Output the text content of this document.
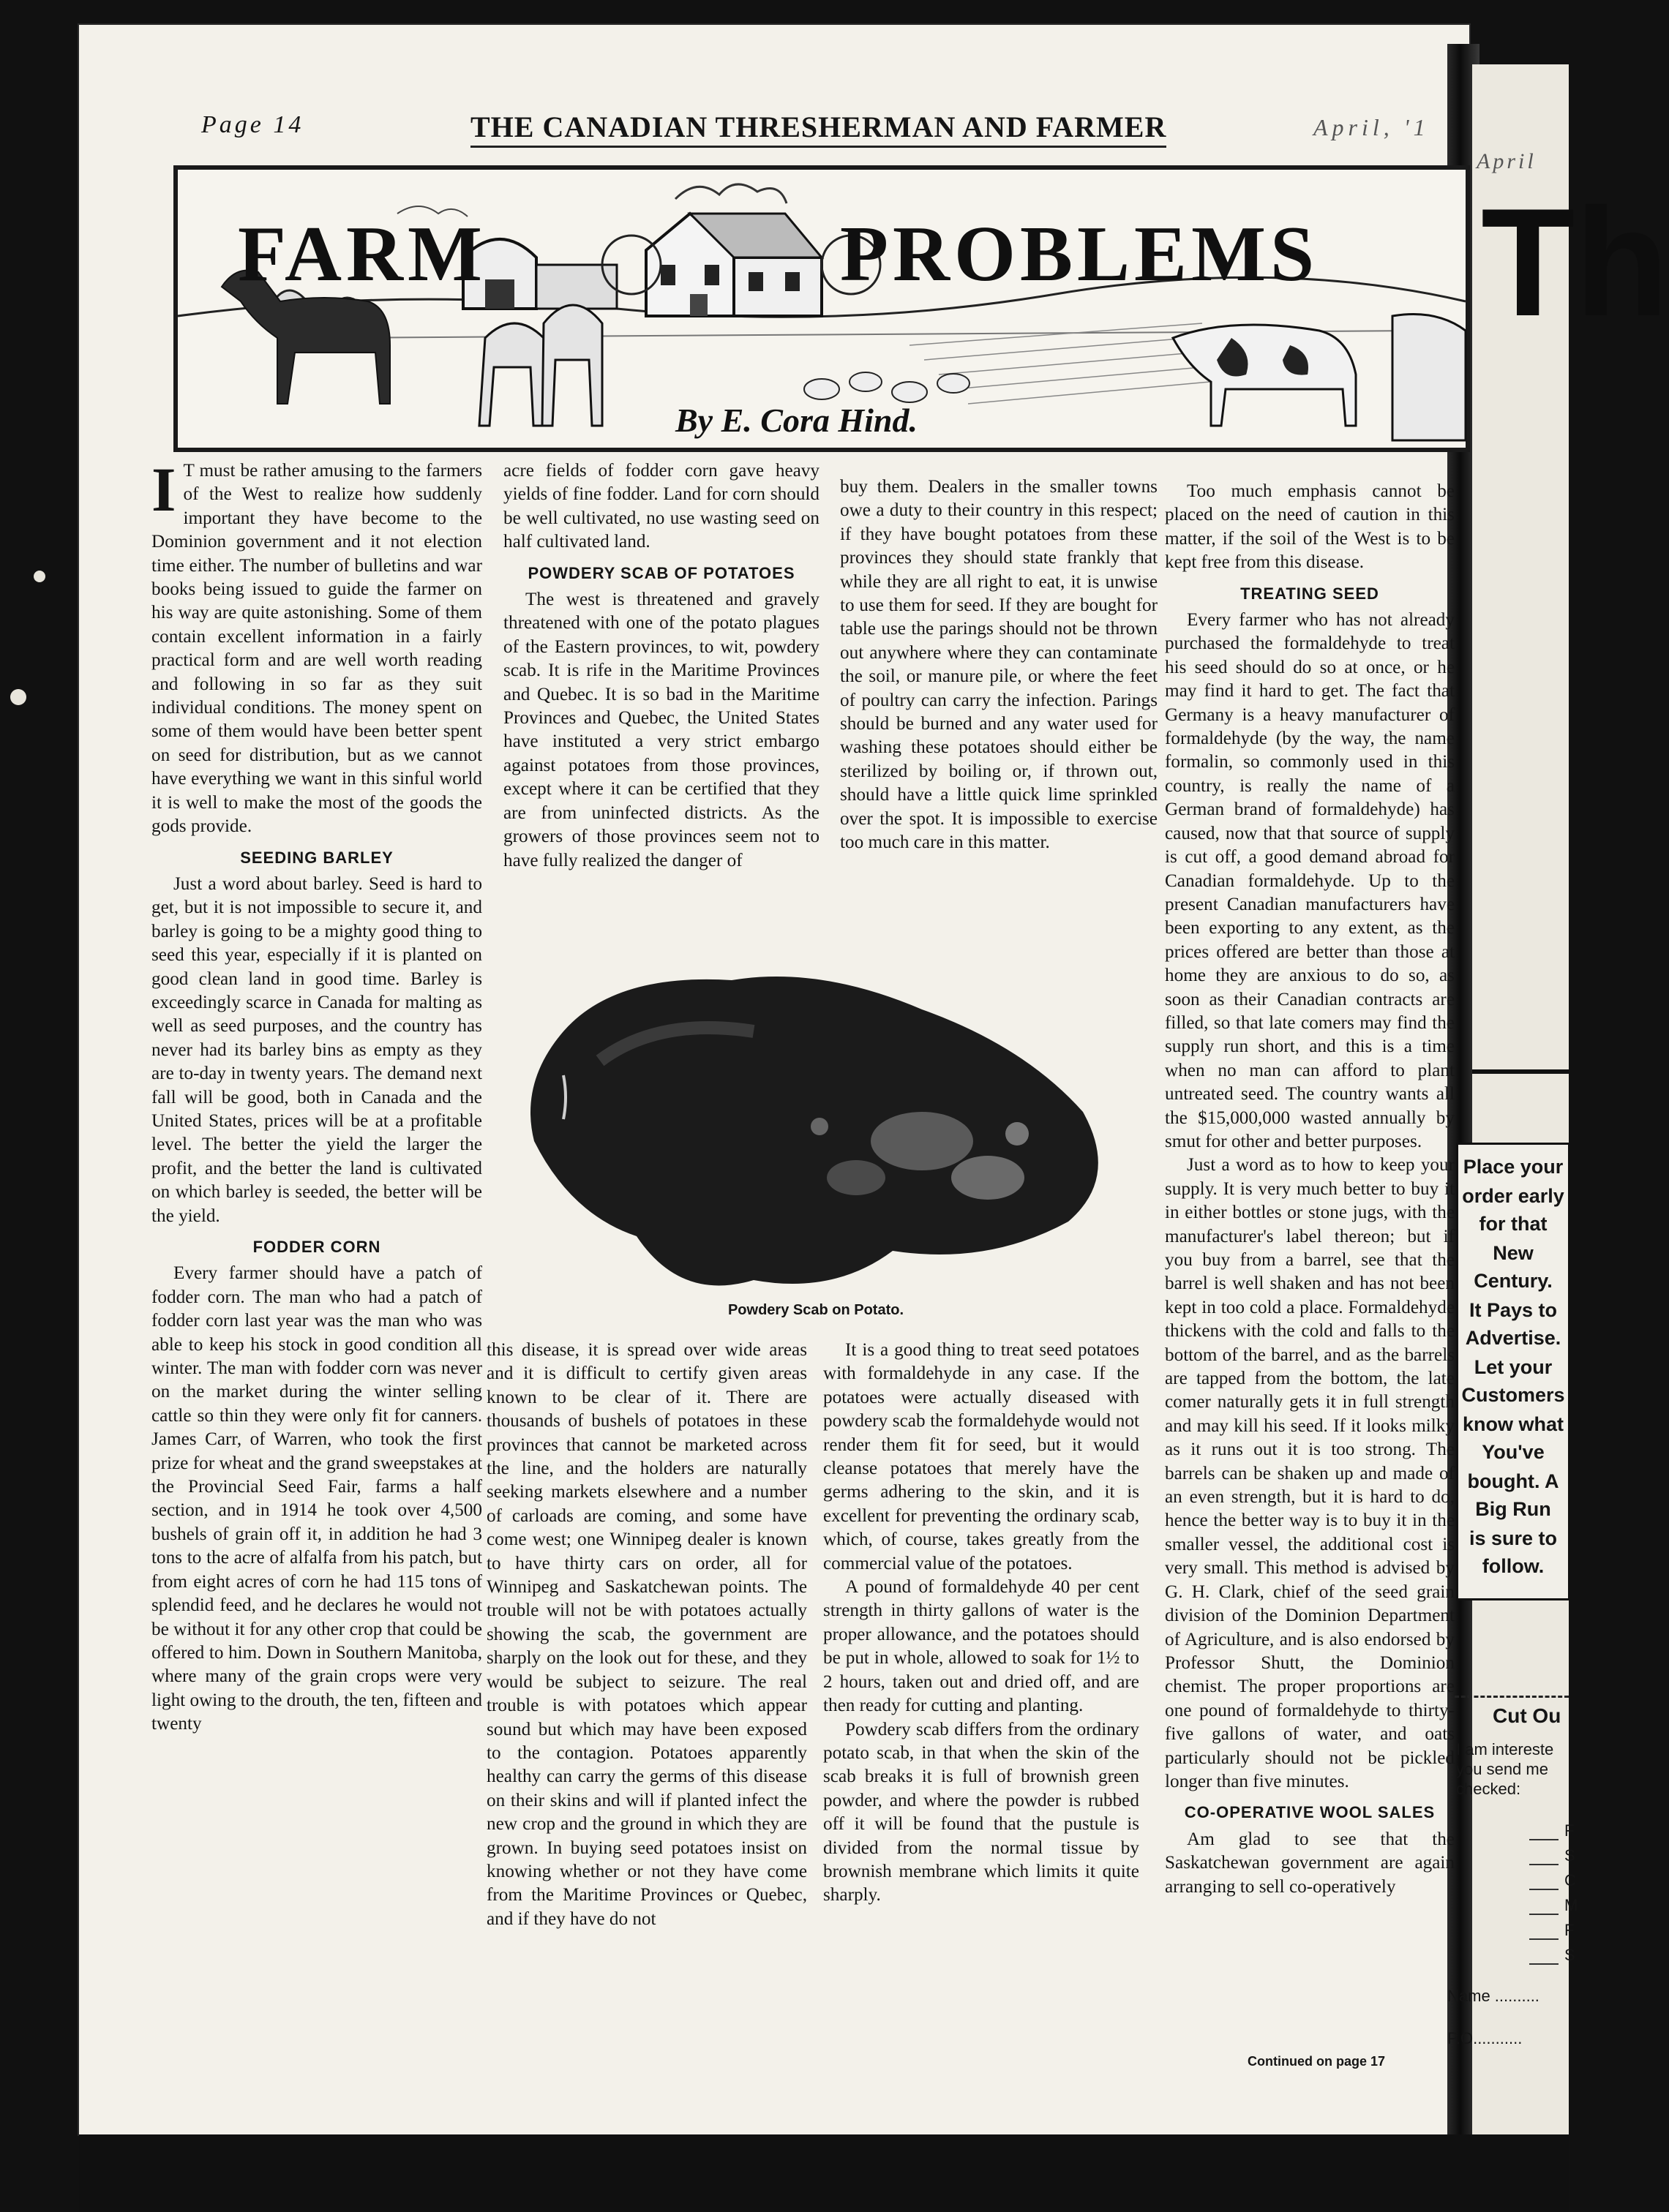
Page 14	THE CANADIAN THRESHERMAN AND FARMER	April, '1
FARM	PROBLEMS
By E. Cora Hind.
I T must be rather amusing to the farmers of the West to realize how suddenly important they have become to the Dominion government and it not election time either. The number of bulletins and war books being issued to guide the farmer on his way are quite astonishing. Some of them contain excellent information in a fairly practical form and are well worth reading and following in so far as they suit individual conditions. The money spent on some of them would have been better spent on seed for distribution, but as we cannot have everything we want in this sinful world it is well to make the most of the goods the gods provide.

SEEDING BARLEY

Just a word about barley. Seed is hard to get, but it is not impossible to secure it, and barley is going to be a mighty good thing to seed this year, especially if it is planted on good clean land in good time. Barley is exceedingly scarce in Canada for malting as well as seed purposes, and the country has never had its barley bins as empty as they are to-day in twenty years. The demand next fall will be good, both in Canada and the United States, prices will be at a profitable level. The better the yield the larger the profit, and the better the land is cultivated on which barley is seeded, the better will be the yield.

FODDER CORN

Every farmer should have a patch of fodder corn. The man who had a patch of fodder corn last year was the man who was able to keep his stock in good condition all winter. The man with fodder corn was never on the market during the winter selling cattle so thin they were only fit for canners. James Carr, of Warren, who took the first prize for wheat and the grand sweepstakes at the Provincial Seed Fair, farms a half section, and in 1914 he took over 4,500 bushels of grain off it, in addition he had 3 tons to the acre of alfalfa from his patch, but from eight acres of corn he had 115 tons of splendid feed, and he declares he would not be without it for any other crop that could be offered to him. Down in Southern Manitoba, where many of the grain crops were very light owing to the drouth, the ten, fifteen and twenty

acre fields of fodder corn gave heavy yields of fine fodder. Land for corn should be well cultivated, no use wasting seed on half cultivated land.

POWDERY SCAB OF POTATOES

The west is threatened and gravely threatened with one of the potato plagues of the Eastern provinces, to wit, powdery scab. It is rife in the Maritime Provinces and Quebec. It is so bad in the Maritime Provinces and Quebec, the United States have instituted a very strict embargo against potatoes from those provinces, except where it can be certified that they are from uninfected districts. As the growers of those provinces seem not to have fully realized the danger of

buy them. Dealers in the smaller towns owe a duty to their country in this respect; if they have bought potatoes from these provinces they should state frankly that while they are all right to eat, it is unwise to use them for seed. If they are bought for table use the parings should not be thrown out anywhere where they can contaminate the soil, or manure pile, or where the feet of poultry can carry the infection. Parings should be burned and any water used for washing these potatoes should either be sterilized by boiling or, if thrown out, should have a little quick lime sprinkled over the spot. It is impossible to exercise too much care in this matter.

Powdery Scab on Potato.

this disease, it is spread over wide areas and it is difficult to certify given areas known to be clear of it. There are thousands of bushels of potatoes in these provinces that cannot be marketed across the line, and the holders are naturally seeking markets elsewhere and a number of carloads are coming, and some have come west; one Winnipeg dealer is known to have thirty cars on order, all for Winnipeg and Saskatchewan points. The trouble will not be with potatoes actually showing the scab, the government are sharply on the look out for these, and they would be subject to seizure. The real trouble is with potatoes which appear sound but which may have been exposed to the contagion. Potatoes apparently healthy can carry the germs of this disease on their skins and will if planted infect the new crop and the ground in which they are grown. In buying seed potatoes insist on knowing whether or not they have come from the Maritime Provinces or Quebec, and if they have do not

It is a good thing to treat seed potatoes with formaldehyde in any case. If the potatoes were actually diseased with powdery scab the formaldehyde would not render them fit for seed, but it would cleanse potatoes that merely have the germs adhering to the skin, and it is excellent for preventing the ordinary scab, which, of course, takes greatly from the commercial value of the potatoes.

A pound of formaldehyde 40 per cent strength in thirty gallons of water is the proper allowance, and the potatoes should be put in whole, allowed to soak for 1½ to 2 hours, taken out and dried off, and are then ready for cutting and planting.

Powdery scab differs from the ordinary potato scab, in that when the skin of the scab breaks it is full of brownish green powder, and where the powder is rubbed off it will be found that the pustule is divided from the normal tissue by brownish membrane which limits it quite sharply.

Too much emphasis cannot be placed on the need of caution in this matter, if the soil of the West is to be kept free from this disease.

TREATING SEED

Every farmer who has not already purchased the formaldehyde to treat his seed should do so at once, or he may find it hard to get. The fact that Germany is a heavy manufacturer of formaldehyde (by the way, the name formalin, so commonly used in this country, is really the name of a German brand of formaldehyde) has caused, now that that source of supply is cut off, a good demand abroad for Canadian formaldehyde. Up to the present Canadian manufacturers have been exporting to any extent, as the prices offered are better than those at home they are anxious to do so, as soon as their Canadian contracts are filled, so that late comers may find the supply run short, and this is a time when no man can afford to plant untreated seed. The country wants all the $15,000,000 wasted annually by smut for other and better purposes.

Just a word as to how to keep your supply. It is very much better to buy it in either bottles or stone jugs, with the manufacturer's label thereon; but if you buy from a barrel, see that the barrel is well shaken and has not been kept in too cold a place. Formaldehyde thickens with the cold and falls to the bottom of the barrel, and as the barrels are tapped from the bottom, the late comer naturally gets it in full strength and may kill his seed. If it looks milky as it runs out it is too strong. The barrels can be shaken up and made of an even strength, but it is hard to do, hence the better way is to buy it in the smaller vessel, the additional cost is very small. This method is advised by G. H. Clark, chief of the seed grain division of the Dominion Department of Agriculture, and is also endorsed by Professor Shutt, the Dominion chemist. The proper proportions are one pound of formaldehyde to thirty-five gallons of water, and oats particularly should not be pickled longer than five minutes.

CO-OPERATIVE WOOL SALES

Am glad to see that the Saskatchewan government are again arranging to sell co-operatively

Continued on page 17
April
Th
Place your
order early
for that
New
Century.
It Pays to
Advertise.
Let your
Customers
know what
You've
bought. A
Big Run
is sure to
follow.
Cut Ou
I am intereste you send me checked:
F
S
C
M
F
S
Name ..........
P.O...........
